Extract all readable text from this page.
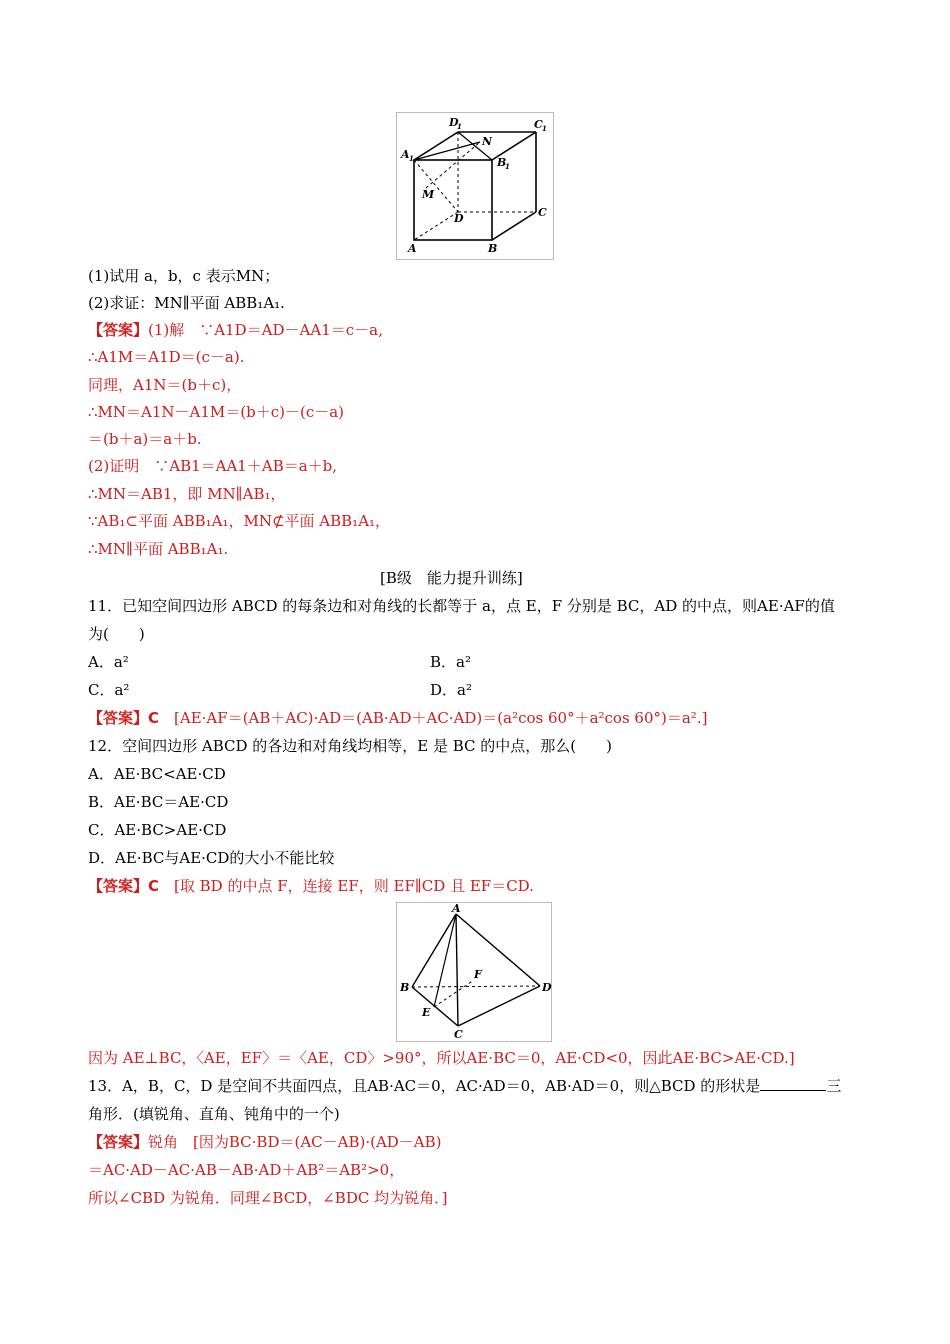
D
1	C 1
A 1	B
1
N
M
D	C
A	B
(1)试用 a，b，c 表示MN；
(2)求证：MN∥平面 ABB₁A₁.
【答案】(1)解　∵A1D＝AD－AA1＝c－a,
∴A1M＝A1D＝(c－a).
同理，A1N＝(b＋c)，
∴MN＝A1N－A1M＝(b＋c)－(c－a)
＝(b＋a)＝a＋b.
(2)证明　∵AB1＝AA1＋AB＝a＋b,
∴MN＝AB1，即 MN∥AB₁，
∵AB₁⊂平面 ABB₁A₁，MN⊄平面 ABB₁A₁，
∴MN∥平面 ABB₁A₁.
[B级　能力提升训练]
11．已知空间四边形 ABCD 的每条边和对角线的长都等于 a，点 E，F 分别是 BC，AD 的中点，则AE·AF的值
为(　　)
A．a²	B．a²
C．a²	D．a²
【答案】C　[AE·AF＝(AB＋AC)·AD＝(AB·AD＋AC·AD)＝(a²cos 60°＋a²cos 60°)＝a².]
12．空间四边形 ABCD 的各边和对角线均相等，E 是 BC 的中点，那么(　　)
A．AE·BC<AE·CD
B．AE·BC＝AE·CD
C．AE·BC>AE·CD
D．AE·BC与AE·CD的大小不能比较
【答案】C　[取 BD 的中点 F，连接 EF，则 EF∥CD 且 EF＝CD.
A
B
C
D
E
F
因为 AE⊥BC，〈AE，EF〉＝〈AE，CD〉>90°，所以AE·BC＝0，AE·CD<0，因此AE·BC>AE·CD.]
13．A，B，C，D 是空间不共面四点，且AB·AC＝0，AC·AD＝0，AB·AD＝0，则△BCD 的形状是	三
角形．(填锐角、直角、钝角中的一个)
【答案】锐角　[因为BC·BD＝(AC－AB)·(AD－AB)
＝AC·AD－AC·AB－AB·AD＋AB²＝AB²>0，
所以∠CBD 为锐角．同理∠BCD，∠BDC 均为锐角．]
